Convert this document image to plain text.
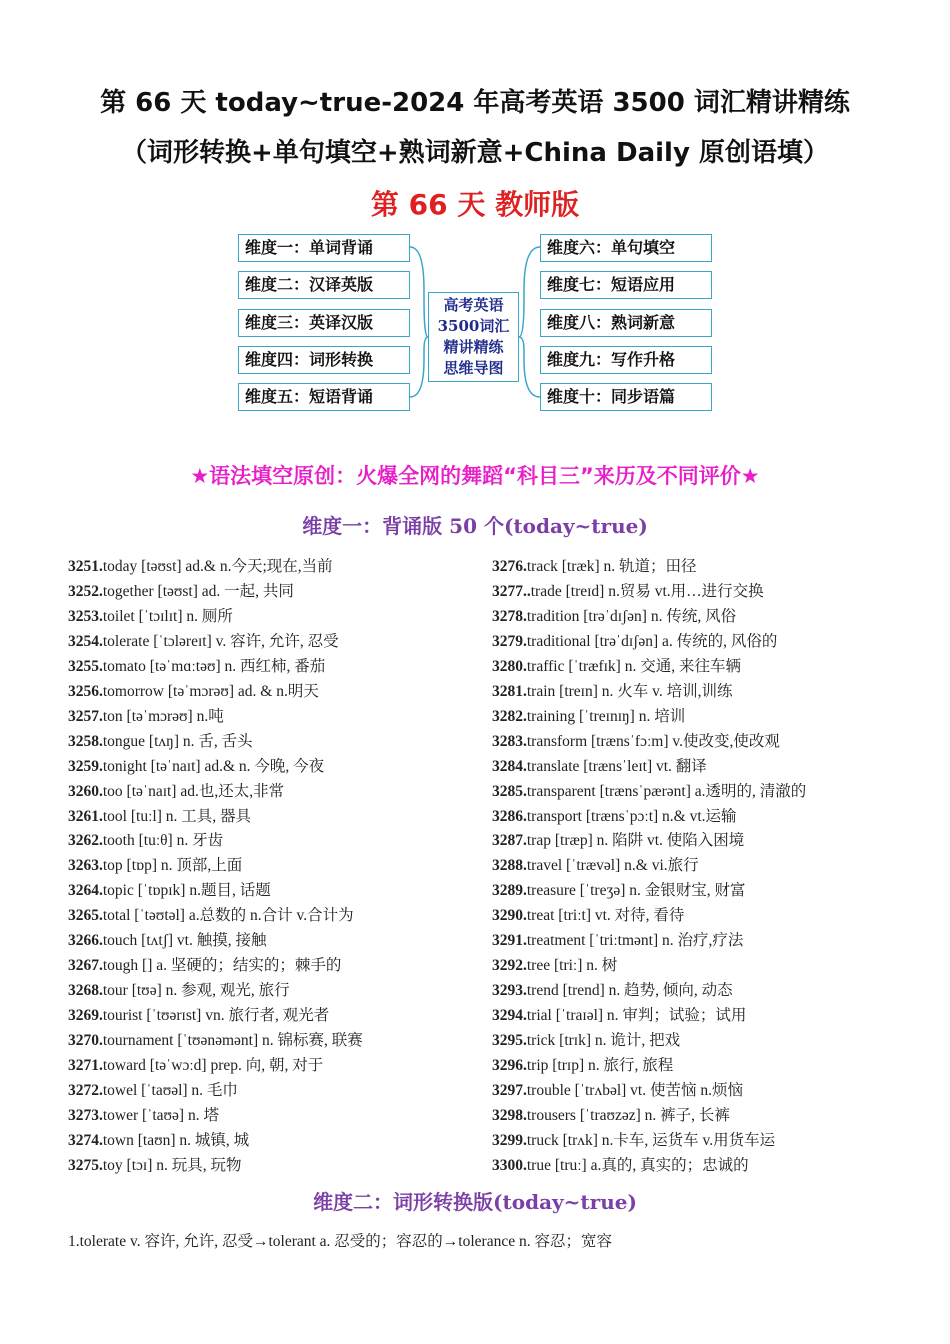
第 66 天 today~true-2024 年高考英语 3500 词汇精讲精练
（词形转换+单句填空+熟词新意+China Daily 原创语填）
第 66 天 教师版
维度一：单词背诵
维度二：汉译英版
维度三：英译汉版
维度四：词形转换
维度五：短语背诵
维度六：单句填空
维度七：短语应用
维度八：熟词新意
维度九：写作升格
维度十：同步语篇
高考英语
3500词汇
精讲精练
思维导图
★语法填空原创：火爆全网的舞蹈“科目三”来历及不同评价★
维度一：背诵版 50 个(today~true)
3251.today [təʊst] ad.& n.今天;现在,当前
3252.together [təʊst] ad. 一起, 共同
3253.toilet [ˈtɔɪlɪt] n. 厕所
3254.tolerate [ˈtɔləreɪt] v. 容许, 允许, 忍受
3255.tomato [təˈmɑːtəʊ] n. 西红柿, 番茄
3256.tomorrow [təˈmɔrəʊ] ad. & n.明天
3257.ton [təˈmɔrəʊ] n.吨
3258.tongue [tʌŋ] n. 舌, 舌头
3259.tonight [təˈnaɪt] ad.& n. 今晚, 今夜
3260.too [təˈnaɪt] ad.也,还太,非常
3261.tool [tuːl] n. 工具, 器具
3262.tooth [tuːθ] n. 牙齿
3263.top [tɒp] n. 顶部,上面
3264.topic [ˈtɒpɪk] n.题目, 话题
3265.total [ˈtəʊtəl] a.总数的 n.合计 v.合计为
3266.touch [tʌtʃ] vt. 触摸, 接触
3267.tough [] a. 坚硬的；结实的；棘手的
3268.tour [tʊə] n. 参观, 观光, 旅行
3269.tourist [ˈtʊərɪst] vn. 旅行者, 观光者
3270.tournament [ˈtʊənəmənt] n. 锦标赛, 联赛
3271.toward [təˈwɔːd] prep. 向, 朝, 对于
3272.towel [ˈtaʊəl] n. 毛巾
3273.tower [ˈtaʊə] n. 塔
3274.town [taʊn] n. 城镇, 城
3275.toy [tɔɪ] n. 玩具, 玩物
3276.track [træk] n. 轨道；田径
3277..trade [treɪd] n.贸易 vt.用…进行交换
3278.tradition [trəˈdɪʃən] n. 传统, 风俗
3279.traditional [trəˈdɪʃən] a. 传统的, 风俗的
3280.traffic [ˈtræfɪk] n. 交通, 来往车辆
3281.train [treɪn] n. 火车 v. 培训,训练
3282.training [ˈtreɪnɪŋ] n. 培训
3283.transform [trænsˈfɔːm] v.使改变,使改观
3284.translate [trænsˈleɪt] vt. 翻译
3285.transparent [trænsˈpærənt] a.透明的, 清澈的
3286.transport [trænsˈpɔːt] n.& vt.运输
3287.trap [træp] n. 陷阱 vt. 使陷入困境
3288.travel [ˈtrævəl] n.& vi.旅行
3289.treasure [ˈtreʒə] n. 金银财宝, 财富
3290.treat [triːt] vt. 对待, 看待
3291.treatment [ˈtriːtmənt] n. 治疗,疗法
3292.tree [triː] n. 树
3293.trend [trend] n. 趋势, 倾向, 动态
3294.trial [ˈtraɪəl] n. 审判；试验；试用
3295.trick [trɪk] n. 诡计, 把戏
3296.trip [trɪp] n. 旅行, 旅程
3297.trouble [ˈtrʌbəl] vt. 使苦恼 n.烦恼
3298.trousers [ˈtraʊzəz] n. 裤子, 长裤
3299.truck [trʌk] n.卡车, 运货车 v.用货车运
3300.true [truː] a.真的, 真实的；忠诚的
维度二：词形转换版(today~true)
1.tolerate v. 容许, 允许, 忍受→tolerant a. 忍受的；容忍的→tolerance n. 容忍；宽容
